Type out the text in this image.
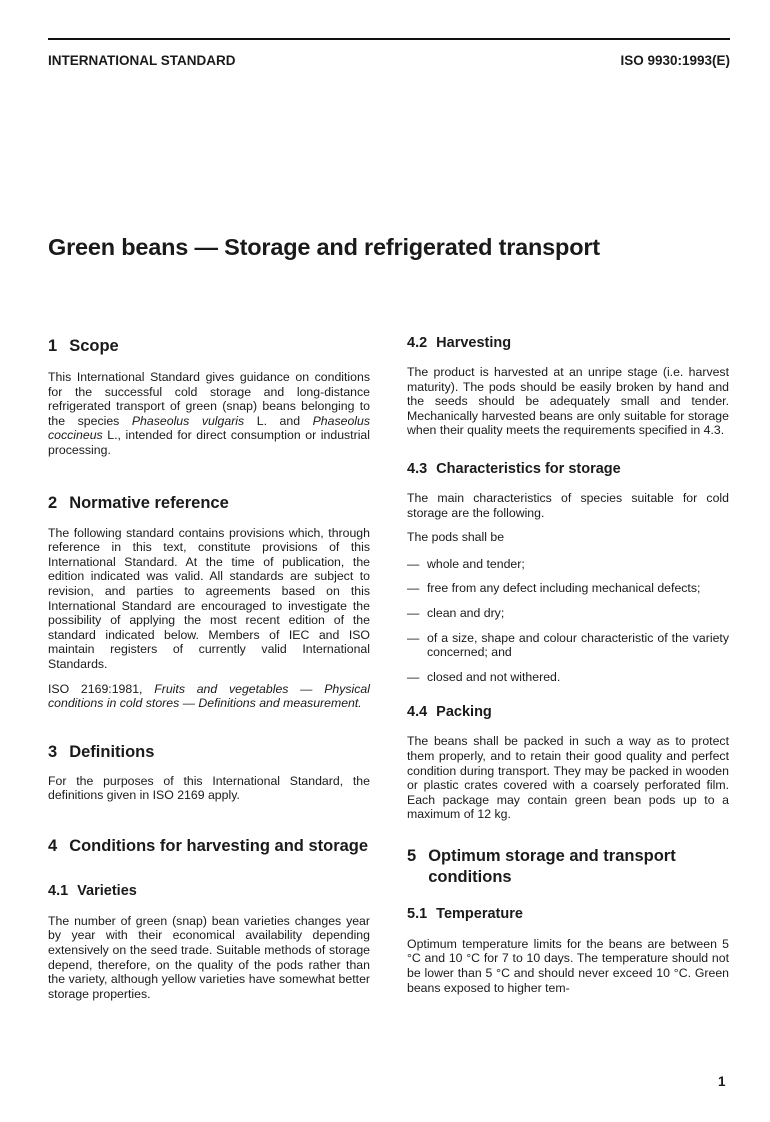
INTERNATIONAL STANDARD	ISO 9930:1993(E)
Green beans — Storage and refrigerated transport
1 Scope

This International Standard gives guidance on conditions for the successful cold storage and long-distance refrigerated transport of green (snap) beans belonging to the species Phaseolus vulgaris L. and Phaseolus coccineus L., intended for direct consumption or industrial processing.

2 Normative reference

The following standard contains provisions which, through reference in this text, constitute provisions of this International Standard. At the time of publication, the edition indicated was valid. All standards are subject to revision, and parties to agreements based on this International Standard are encouraged to investigate the possibility of applying the most recent edition of the standard indicated below. Members of IEC and ISO maintain registers of currently valid International Standards.

ISO 2169:1981, Fruits and vegetables — Physical conditions in cold stores — Definitions and measurement.

3 Definitions

For the purposes of this International Standard, the definitions given in ISO 2169 apply.

4 Conditions for harvesting and storage
4.1 Varieties

The number of green (snap) bean varieties changes year by year with their economical availability depending extensively on the seed trade. Suitable methods of storage depend, therefore, on the quality of the pods rather than the variety, although yellow varieties have somewhat better storage properties.

4.2 Harvesting

The product is harvested at an unripe stage (i.e. harvest maturity). The pods should be easily broken by hand and the seeds should be adequately small and tender. Mechanically harvested beans are only suitable for storage when their quality meets the requirements specified in 4.3.

4.3 Characteristics for storage

The main characteristics of species suitable for cold storage are the following.

The pods shall be

— whole and tender;
— free from any defect including mechanical defects;
— clean and dry;
— of a size, shape and colour characteristic of the variety concerned; and
— closed and not withered.
4.4 Packing

The beans shall be packed in such a way as to protect them properly, and to retain their good quality and perfect condition during transport. They may be packed in wooden or plastic crates covered with a coarsely perforated film. Each package may contain green bean pods up to a maximum of 12 kg.

5 Optimum storage and transport conditions
5.1 Temperature

Optimum temperature limits for the beans are between 5 °C and 10 °C for 7 to 10 days. The temperature should not be lower than 5 °C and should never exceed 10 °C. Green beans exposed to higher tem-

1
